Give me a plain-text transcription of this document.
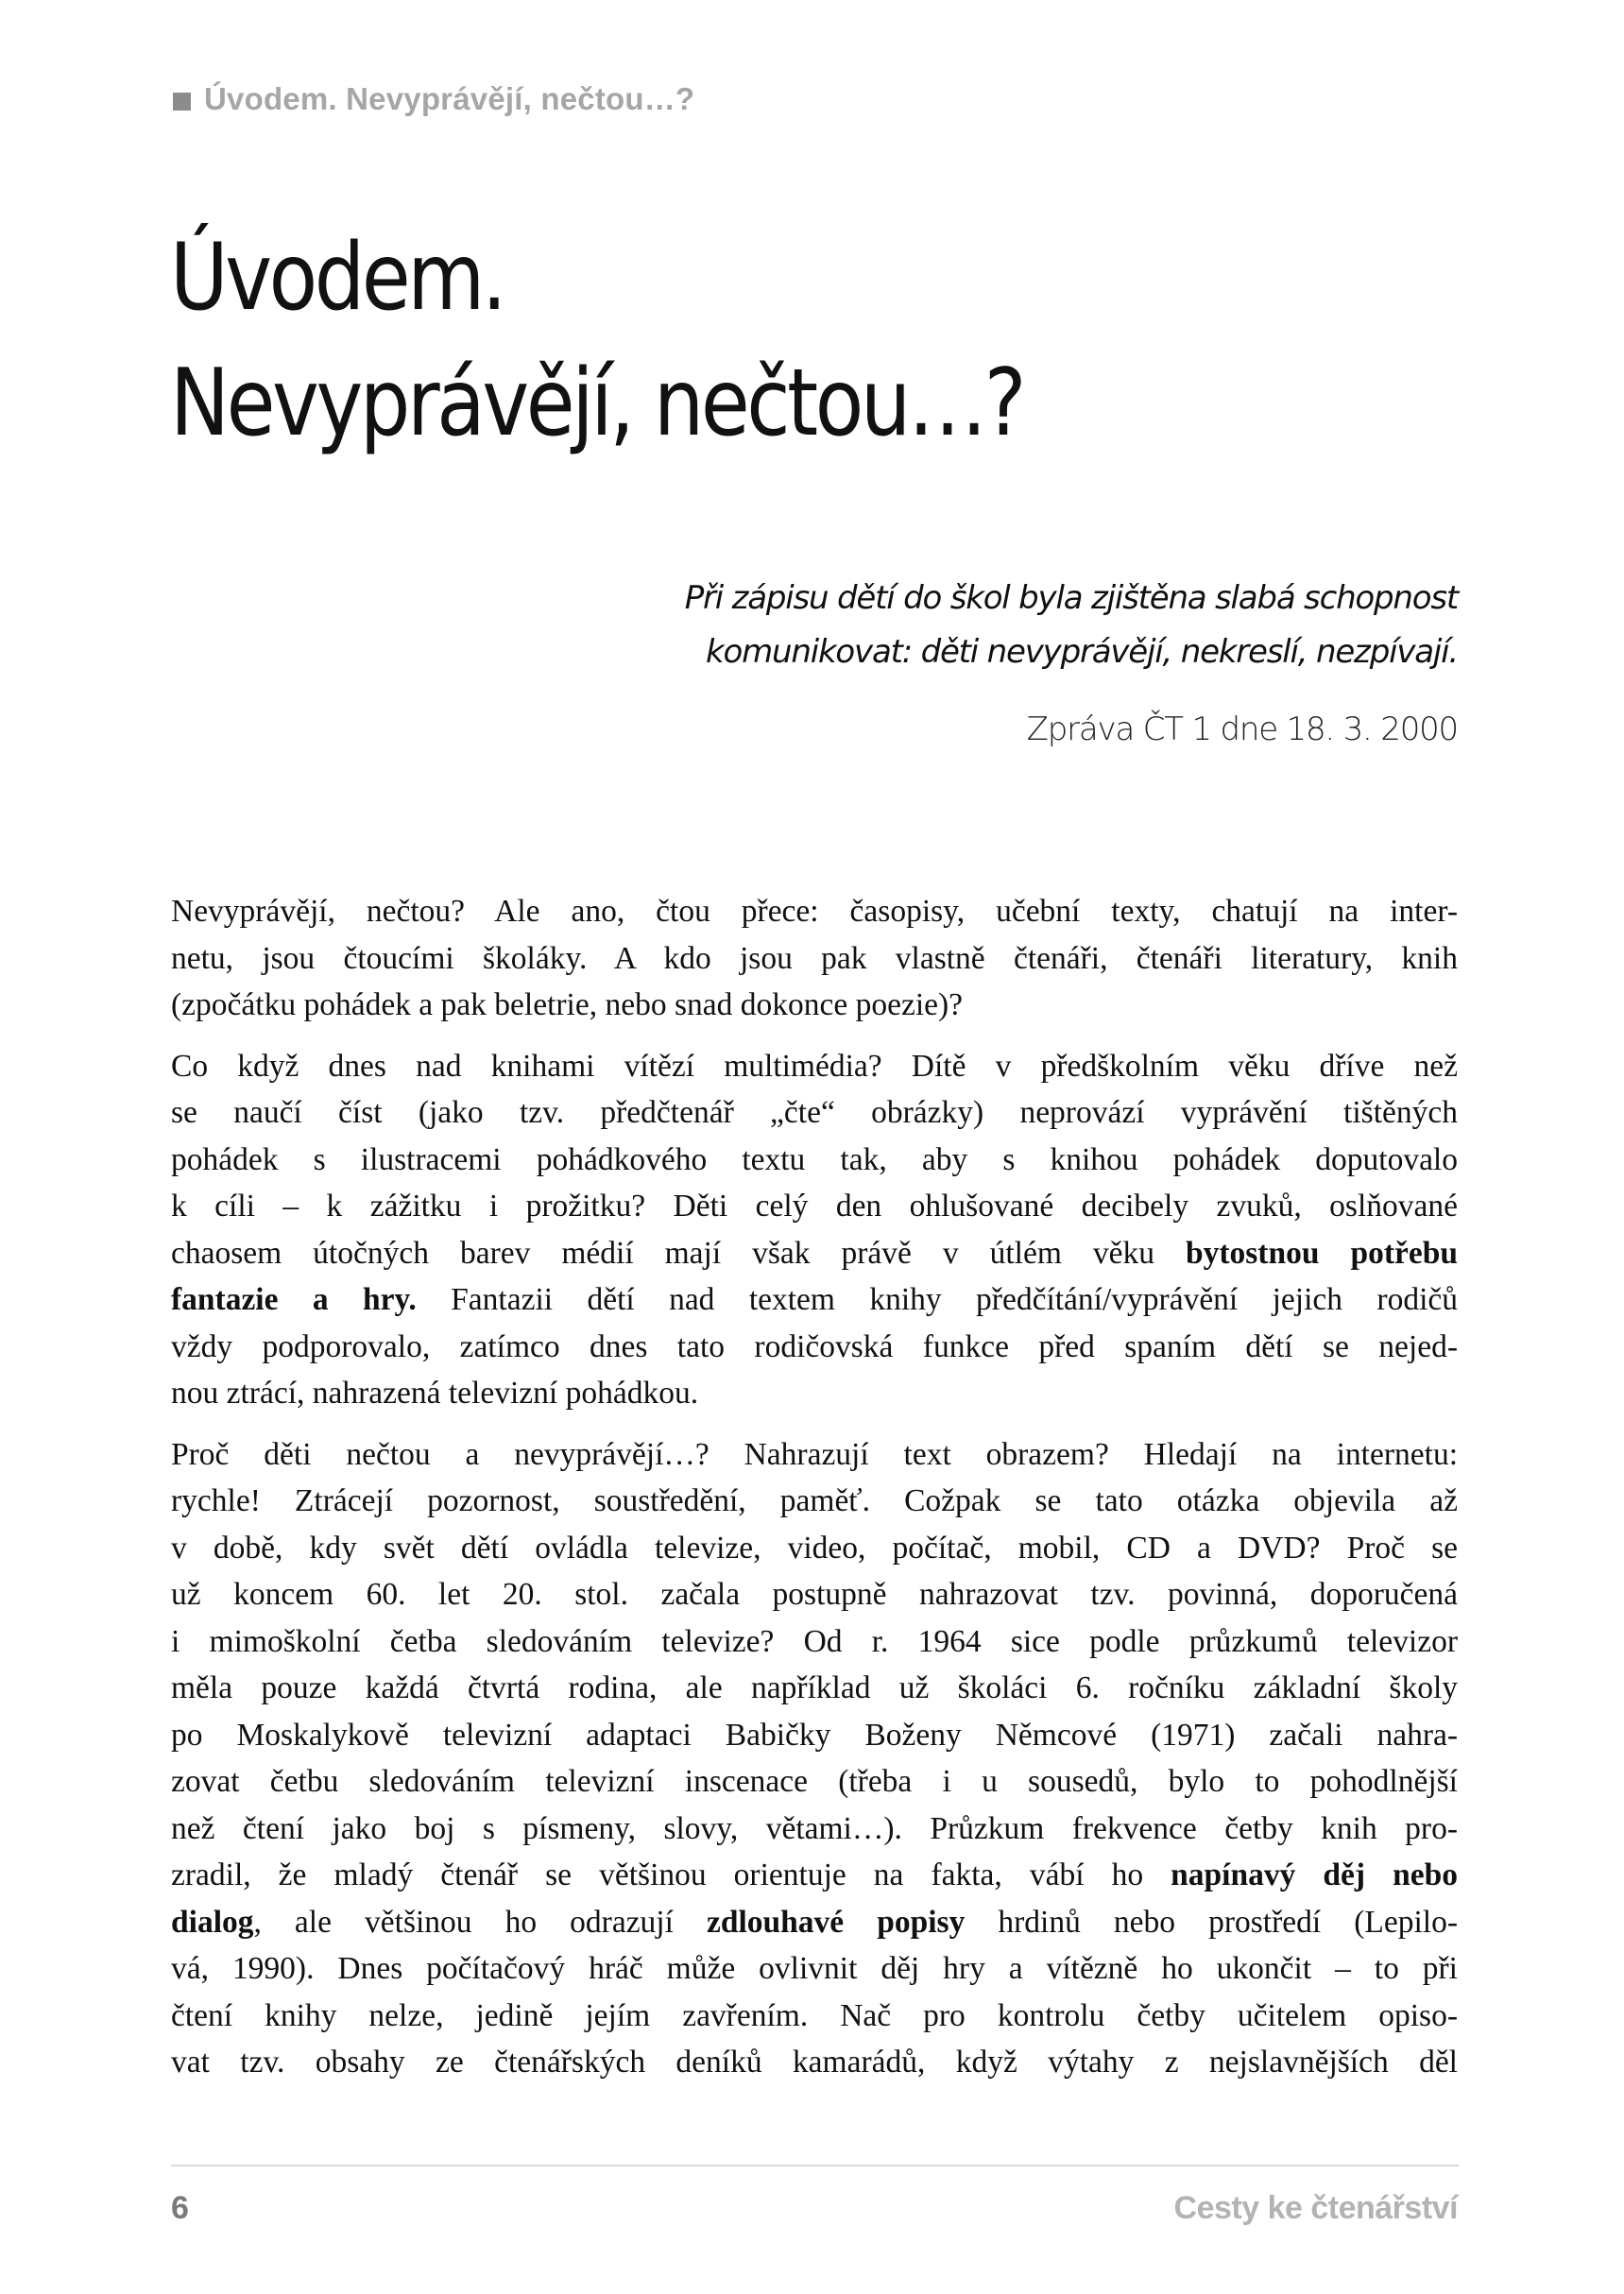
Úvodem. Nevyprávějí, nečtou…?
Úvodem.
Nevyprávějí, nečtou…?
Při zápisu dětí do škol byla zjištěna slabá schopnost
komunikovat: děti nevyprávějí, nekreslí, nezpívají.
Zpráva ČT 1 dne 18. 3. 2000

Nevyprávějí, nečtou? Ale ano, čtou přece: časopisy, učební texty, chatují na inter-
netu, jsou čtoucími školáky. A kdo jsou pak vlastně čtenáři, čtenáři literatury, knih
(zpočátku pohádek a pak beletrie, nebo snad dokonce poezie)?

Co když dnes nad knihami vítězí multimédia? Dítě v předškolním věku dříve než
se naučí číst (jako tzv. předčtenář „čte“ obrázky) neprovází vyprávění tištěných
pohádek s ilustracemi pohádkového textu tak, aby s knihou pohádek doputovalo
k cíli – k zážitku i prožitku? Děti celý den ohlušované decibely zvuků, oslňované
chaosem útočných barev médií mají však právě v útlém věku bytostnou potřebu
fantazie a hry. Fantazii dětí nad textem knihy předčítání/vyprávění jejich rodičů
vždy podporovalo, zatímco dnes tato rodičovská funkce před spaním dětí se nejed-
nou ztrácí, nahrazená televizní pohádkou.

Proč děti nečtou a nevyprávějí…? Nahrazují text obrazem? Hledají na internetu:
rychle! Ztrácejí pozornost, soustředění, paměť. Cožpak se tato otázka objevila až
v době, kdy svět dětí ovládla televize, video, počítač, mobil, CD a DVD? Proč se
už koncem 60. let 20. stol. začala postupně nahrazovat tzv. povinná, doporučená
i mimoškolní četba sledováním televize? Od r. 1964 sice podle průzkumů televizor
měla pouze každá čtvrtá rodina, ale například už školáci 6. ročníku základní školy
po Moskalykově televizní adaptaci Babičky Boženy Němcové (1971) začali nahra-
zovat četbu sledováním televizní inscenace (třeba i u sousedů, bylo to pohodlnější
než čtení jako boj s písmeny, slovy, větami…). Průzkum frekvence četby knih pro-
zradil, že mladý čtenář se většinou orientuje na fakta, vábí ho napínavý děj nebo
dialog, ale většinou ho odrazují zdlouhavé popisy hrdinů nebo prostředí (Lepilo-
vá, 1990). Dnes počítačový hráč může ovlivnit děj hry a vítězně ho ukončit – to při
čtení knihy nelze, jedině jejím zavřením. Nač pro kontrolu četby učitelem opiso-
vat tzv. obsahy ze čtenářských deníků kamarádů, když výtahy z nejslavnějších děl

6	Cesty ke čtenářství
